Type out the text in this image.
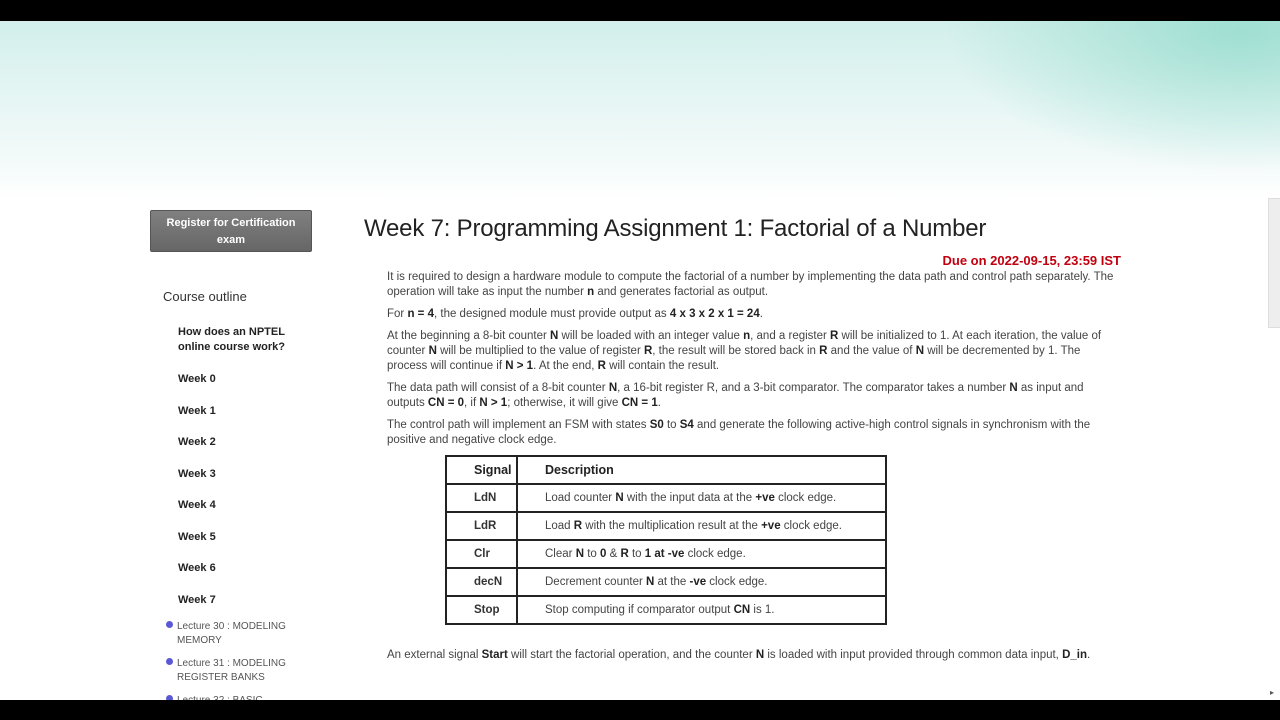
Register for Certification exam
Course outline
How does an NPTEL online course work?
Week 0
Week 1
Week 2
Week 3
Week 4
Week 5
Week 6
Week 7
Lecture 30 : MODELING MEMORY
Lecture 31 : MODELING REGISTER BANKS
Week 7: Programming Assignment 1: Factorial of a Number
Due on 2022-09-15, 23:59 IST

It is required to design a hardware module to compute the factorial of a number by implementing the data path and control path separately. The operation will take as input the number n and generates factorial as output.

For n = 4, the designed module must provide output as 4 x 3 x 2 x 1 = 24.

At the beginning a 8-bit counter N will be loaded with an integer value n, and a register R will be initialized to 1. At each iteration, the value of counter N will be multiplied to the value of register R, the result will be stored back in R and the value of N will be decremented by 1. The process will continue if N > 1. At the end, R will contain the result.

The data path will consist of a 8-bit counter N, a 16-bit register R, and a 3-bit comparator. The comparator takes a number N as input and outputs CN = 0, if N > 1; otherwise, it will give CN = 1.

The control path will implement an FSM with states S0 to S4 and generate the following active-high control signals in synchronism with the positive and negative clock edge.

Signal	Description
LdN	Load counter N with the input data at the +ve clock edge.
LdR	Load R with the multiplication result at the +ve clock edge.
Clr	Clear N to 0 & R to 1 at -ve clock edge.
decN	Decrement counter N at the -ve clock edge.
Stop	Stop computing if comparator output CN is 1.

An external signal Start will start the factorial operation, and the counter N is loaded with input provided through common data input, D_in.

▸
